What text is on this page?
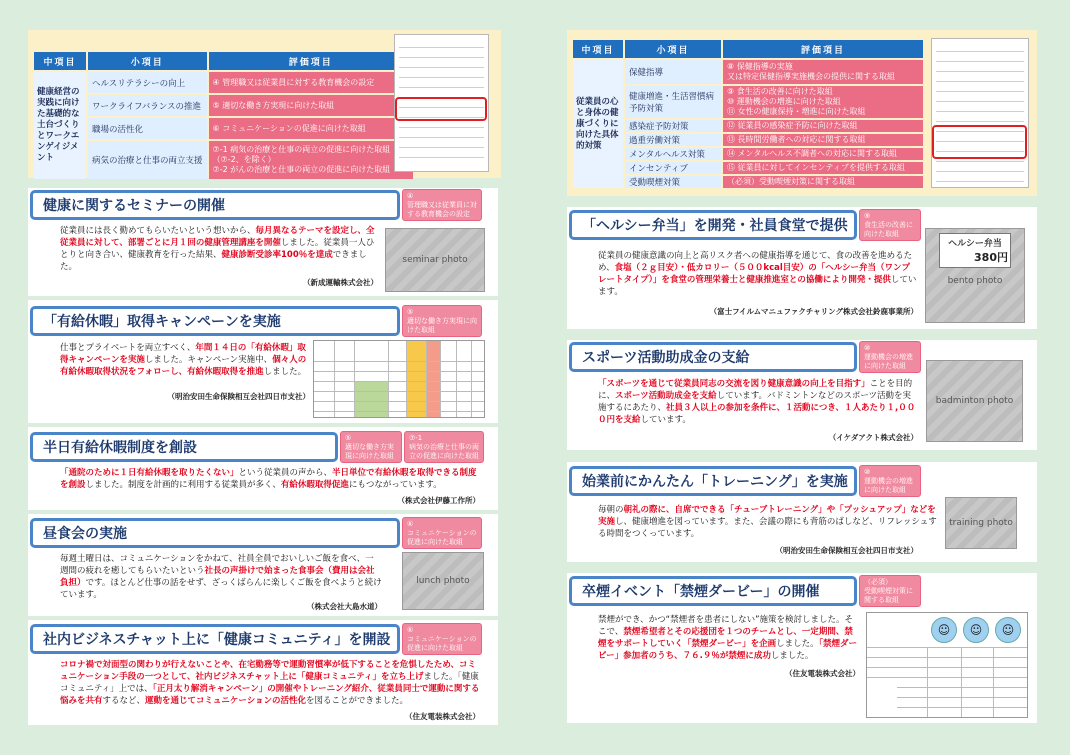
中項目	小項目	評価項目
健康経営の実践に向けた基礎的な土台づくりとワークエンゲイジメント	ヘルスリテラシーの向上	④ 管理職又は従業員に対する教育機会の設定
	ワークライフバランスの推進	⑤ 適切な働き方実現に向けた取組
	職場の活性化	⑥ コミュニケーションの促進に向けた取組
	病気の治療と仕事の両立支援	⑦-1 病気の治療と仕事の両立の促進に向けた取組（⑦-2、を除く）
⑦-2 がんの治療と仕事の両立の促進に向けた取組
健康に関するセミナーの開催
④
管理職又は従業員に対する教育機会の設定
従業員には長く勤めてもらいたいという想いから、毎月異なるテーマを設定し、全従業員に対して、部署ごとに月１回の健康管理講座を開催しました。従業員一人ひとりと向き合い、健康教育を行った結果、健康診断受診率100％を達成できました。
（新成運輸株式会社）
seminar photo
「有給休暇」取得キャンペーンを実施
⑤
適切な働き方実現に向けた取組
仕事とプライベートを両立すべく、年間１４日の「有給休暇」取得キャンペーンを実施しました。キャンペーン実施中、個々人の有給休暇取得状況をフォローし、有給休暇取得を推進しました。
（明治安田生命保険相互会社四日市支社）
半日有給休暇制度を創設
⑤
適切な働き方実現に向けた取組
⑦-1
病気の治療と仕事の両立の促進に向けた取組
「通院のために１日有給休暇を取りたくない」という従業員の声から、半日単位で有給休暇を取得できる制度を創設しました。制度を計画的に利用する従業員が多く、有給休暇取得促進にもつながっています。
（株式会社伊藤工作所）
昼食会の実施
⑥
コミュニケーションの促進に向けた取組
毎週土曜日は、コミュニケーションをかねて、社員全員でおいしいご飯を食べ、一週間の疲れを癒してもらいたいという社長の声掛けで始まった食事会（費用は会社負担）です。ほとんど仕事の話をせず、ざっくばらんに楽しくご飯を食べようと続けています。
（株式会社大島水道）
lunch photo
社内ビジネスチャット上に「健康コミュニティ」を開設
⑥
コミュニケーションの促進に向けた取組
コロナ禍で対面型の関わりが行えないことや、在宅勤務等で運動習慣率が低下することを危惧したため、コミュニケーション手段の一つとして、社内ビジネスチャット上に「健康コミュニティ」を立ち上げました。「健康コミュニティ」上では、「正月太り解消キャンペーン」の開催やトレーニング紹介、従業員同士で運動に関する悩みを共有するなど、運動を通じてコミュニケーションの活性化を図ることができました。
（住友電装株式会社）
中項目	小項目	評価項目
従業員の心と身体の健康づくりに向けた具体的対策	保健指導	⑧ 保健指導の実施
又は特定保健指導実施機会の提供に関する取組
	健康増進・生活習慣病予防対策	⑨ 食生活の改善に向けた取組
⑩ 運動機会の増進に向けた取組
⑪ 女性の健康保持・増進に向けた取組
	感染症予防対策	⑫ 従業員の感染症予防に向けた取組
	過重労働対策	⑬ 長時間労働者への対応に関する取組
	メンタルヘルス対策	⑭ メンタルヘルス不調者への対応に関する取組
	インセンティブ	⑮ 従業員に対してインセンティブを提供する取組
	受動喫煙対策	（必須）受動喫煙対策に関する取組
「ヘルシー弁当」を開発・社員食堂で提供
⑨
食生活の改善に向けた取組
従業員の健康意識の向上と高リスク者への健康指導を通じて、食の改善を進めるため、食塩（２ｇ目安）・低カロリー（５００kcal目安）の「ヘルシー弁当（ワンプレートタイプ）」を食堂の管理栄養士と健康推進室との協働により開発・提供しています。
（富士フイルムマニュファクチャリング株式会社鈴鹿事業所）
ヘルシー弁当
380円
bento photo
スポーツ活動助成金の支給
⑩
運動機会の増進に向けた取組
「スポーツを通じて従業員同志の交流を図り健康意識の向上を目指す」ことを目的に、スポーツ活動助成金を支給しています。バドミントンなどのスポーツ活動を実施するにあたり、社員３人以上の参加を条件に、１活動につき、１人あたり１,０００円を支給しています。
（イケダアクト株式会社）
badminton photo
始業前にかんたん「トレーニング」を実施
⑩
運動機会の増進に向けた取組
毎朝の朝礼の際に、自席でできる「チューブトレーニング」や「プッシュアップ」などを実施し、健康増進を図っています。また、会議の際にも背筋のばしなど、リフレッシュする時間をつくっています。
（明治安田生命保険相互会社四日市支社）
training photo
卒煙イベント「禁煙ダービー」の開催
（必須）
受動喫煙対策に関する取組
禁煙ができ、かつ“禁煙者を患者にしない”施策を検討しました。そこで、禁煙希望者とその応援団を１つのチームとし、一定期間、禁煙をサポートしていく「禁煙ダービー」を企画しました。「禁煙ダービー」参加者のうち、７６.９％が禁煙に成功しました。
（住友電装株式会社）
☺	☺	☺
